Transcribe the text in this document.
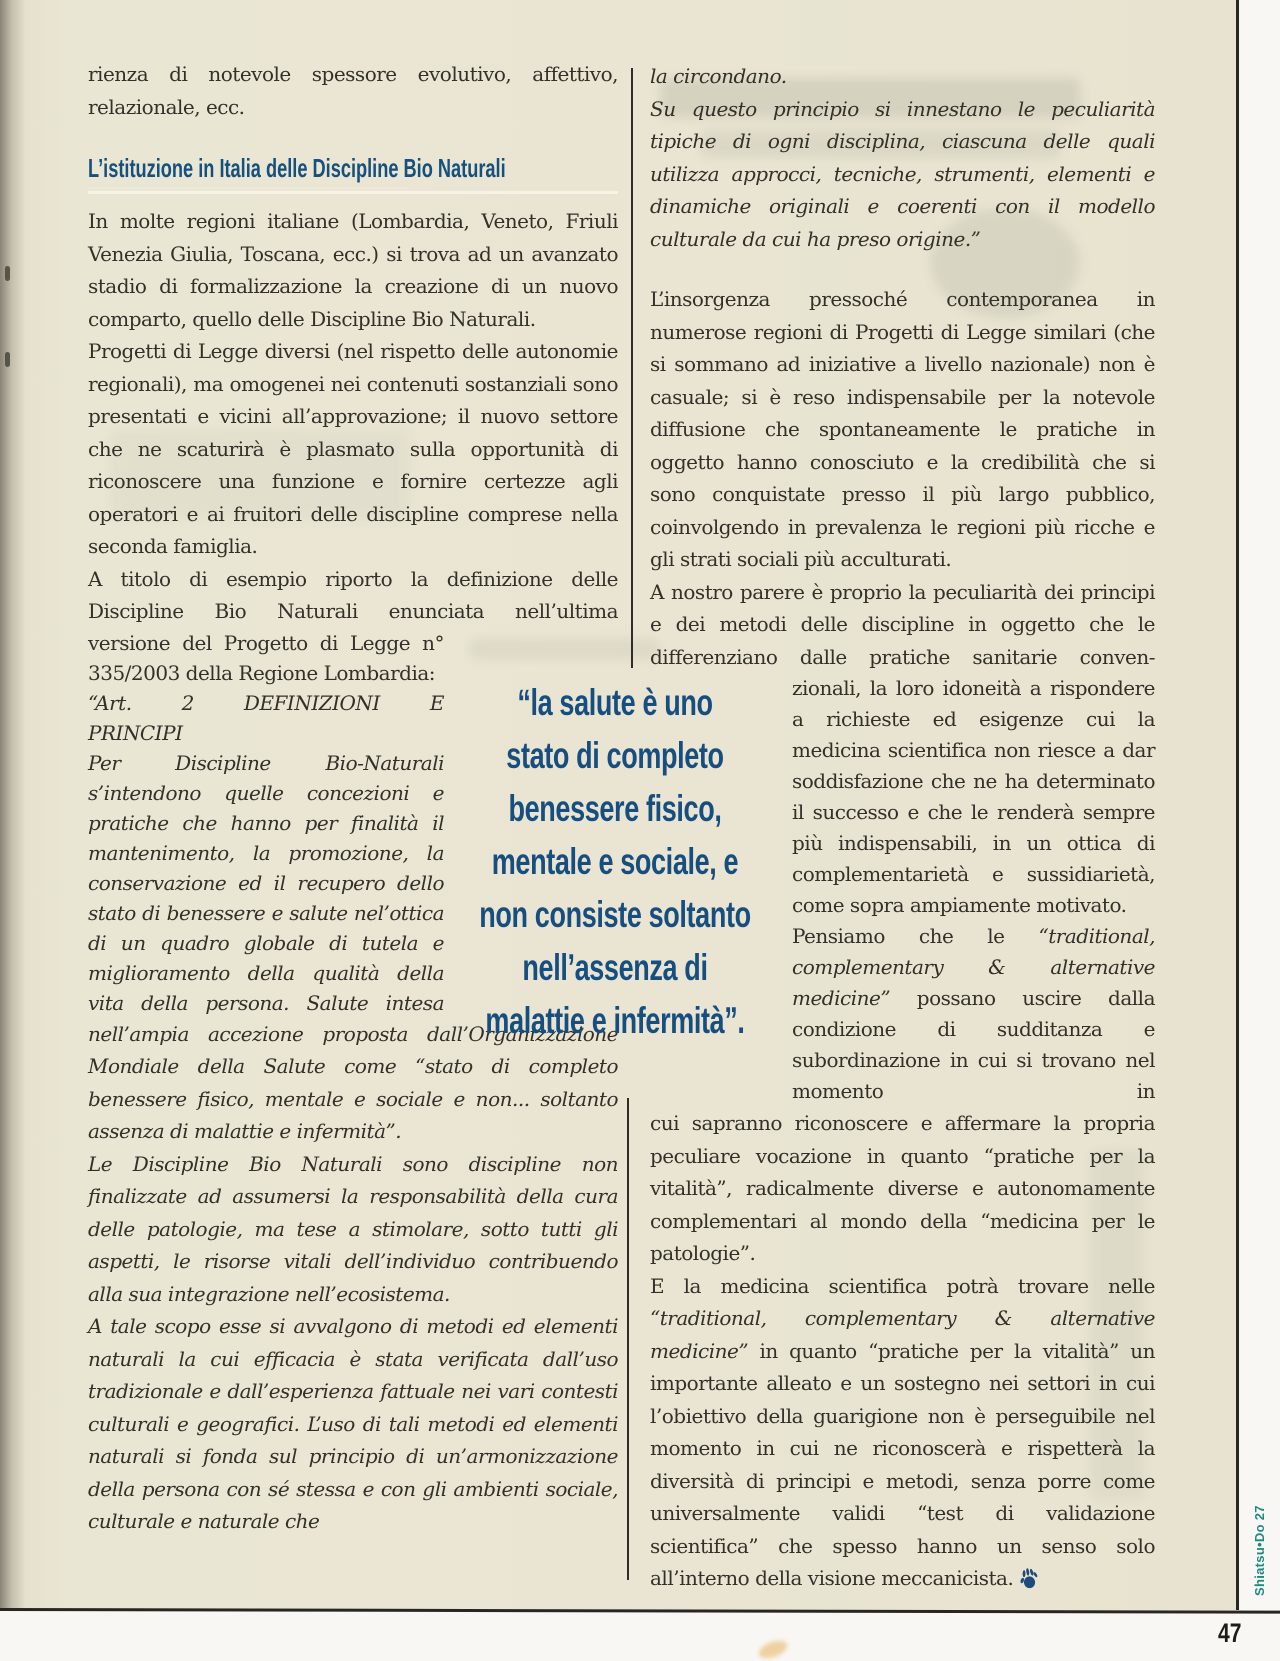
rienza di notevole spessore evolutivo, affettivo, relazionale, ecc.

L’istituzione in Italia delle Discipline Bio Naturali

In molte regioni italiane (Lombardia, Veneto, Friuli Venezia Giulia, Toscana, ecc.) si trova ad un avanzato stadio di formalizzazione la creazione di un nuovo comparto, quello delle Discipline Bio Naturali.

Progetti di Legge diversi (nel rispetto delle autonomie regionali), ma omogenei nei contenuti sostanziali sono presentati e vicini all’approvazione; il nuovo settore che ne scaturirà è plasmato sulla opportunità di riconoscere una funzione e fornire certezze agli operatori e ai fruitori delle discipline comprese nella seconda famiglia.

A titolo di esempio riporto la definizione delle Discipline Bio Naturali enunciata nell’ultima

versione del Progetto di Legge n° 335/2003 della Regione Lombardia:

“Art. 2 DEFINIZIONI E

PRINCIPI

Per Discipline Bio-Naturali s’intendono quelle concezioni e pratiche che hanno per finalità il mantenimento, la promozione, la conservazione ed il recupero dello stato di benessere e salute nel’ottica di un quadro globale di tutela e miglioramento della qualità della vita della persona. Salute intesa

nell’ampia accezione proposta dall’Organizzazione Mondiale della Salute come “stato di completo benessere fisico, mentale e sociale e non... soltanto assenza di malattie e infermità”.

Le Discipline Bio Naturali sono discipline non finalizzate ad assumersi la responsabilità della cura delle patologie, ma tese a stimolare, sotto tutti gli aspetti, le risorse vitali dell’individuo contribuendo alla sua integrazione nell’ecosistema.

A tale scopo esse si avvalgono di metodi ed elementi naturali la cui efficacia è stata verificata dall’uso tradizionale e dall’esperienza fattuale nei vari contesti culturali e geografici. L’uso di tali metodi ed elementi naturali si fonda sul principio di un’armonizzazione della persona con sé stessa e con gli ambienti sociale, culturale e naturale che

la circondano.

Su questo principio si innestano le peculiarità tipiche di ogni disciplina, ciascuna delle quali utilizza approcci, tecniche, strumenti, elementi e dinamiche originali e coerenti con il modello culturale da cui ha preso origine.”

L’insorgenza pressoché contemporanea in numerose regioni di Progetti di Legge similari (che si sommano ad iniziative a livello nazionale) non è casuale; si è reso indispensabile per la notevole diffusione che spontaneamente le pratiche in oggetto hanno conosciuto e la credibilità che si sono conquistate presso il più largo pubblico, coinvolgendo in prevalenza le regioni più ricche e gli strati sociali più acculturati.

A nostro parere è proprio la peculiarità dei principi e dei metodi delle discipline in oggetto che le differenziano dalle pratiche sanitarie conven-

zionali, la loro idoneità a rispondere a richieste ed esigenze cui la medicina scientifica non riesce a dar soddisfazione che ne ha determinato il successo e che le renderà sempre più indispensabili, in un ottica di complementarietà e sussidiarietà, come sopra ampiamente motivato.

Pensiamo che le “traditional, complementary & alternative medicine” possano uscire dalla condizione di sudditanza e subordinazione in cui si trovano nel momento in

cui sapranno riconoscere e affermare la propria peculiare vocazione in quanto “pratiche per la vitalità”, radicalmente diverse e autonomamente complementari al mondo della “medicina per le patologie”.

E la medicina scientifica potrà trovare nelle “traditional, complementary & alternative medicine” in quanto “pratiche per la vitalità” un importante alleato e un sostegno nei settori in cui l’obiettivo della guarigione non è perseguibile nel momento in cui ne riconoscerà e rispetterà la diversità di principi e metodi, senza porre come universalmente validi “test di validazione scientifica” che spesso hanno un senso solo all’interno della visione meccanicista.

“la salute è uno
stato di completo
benessere fisico,
mentale e sociale, e
non consiste soltanto
nell’assenza di
malattie e infermità”.
Shiatsu•Do 27
47
